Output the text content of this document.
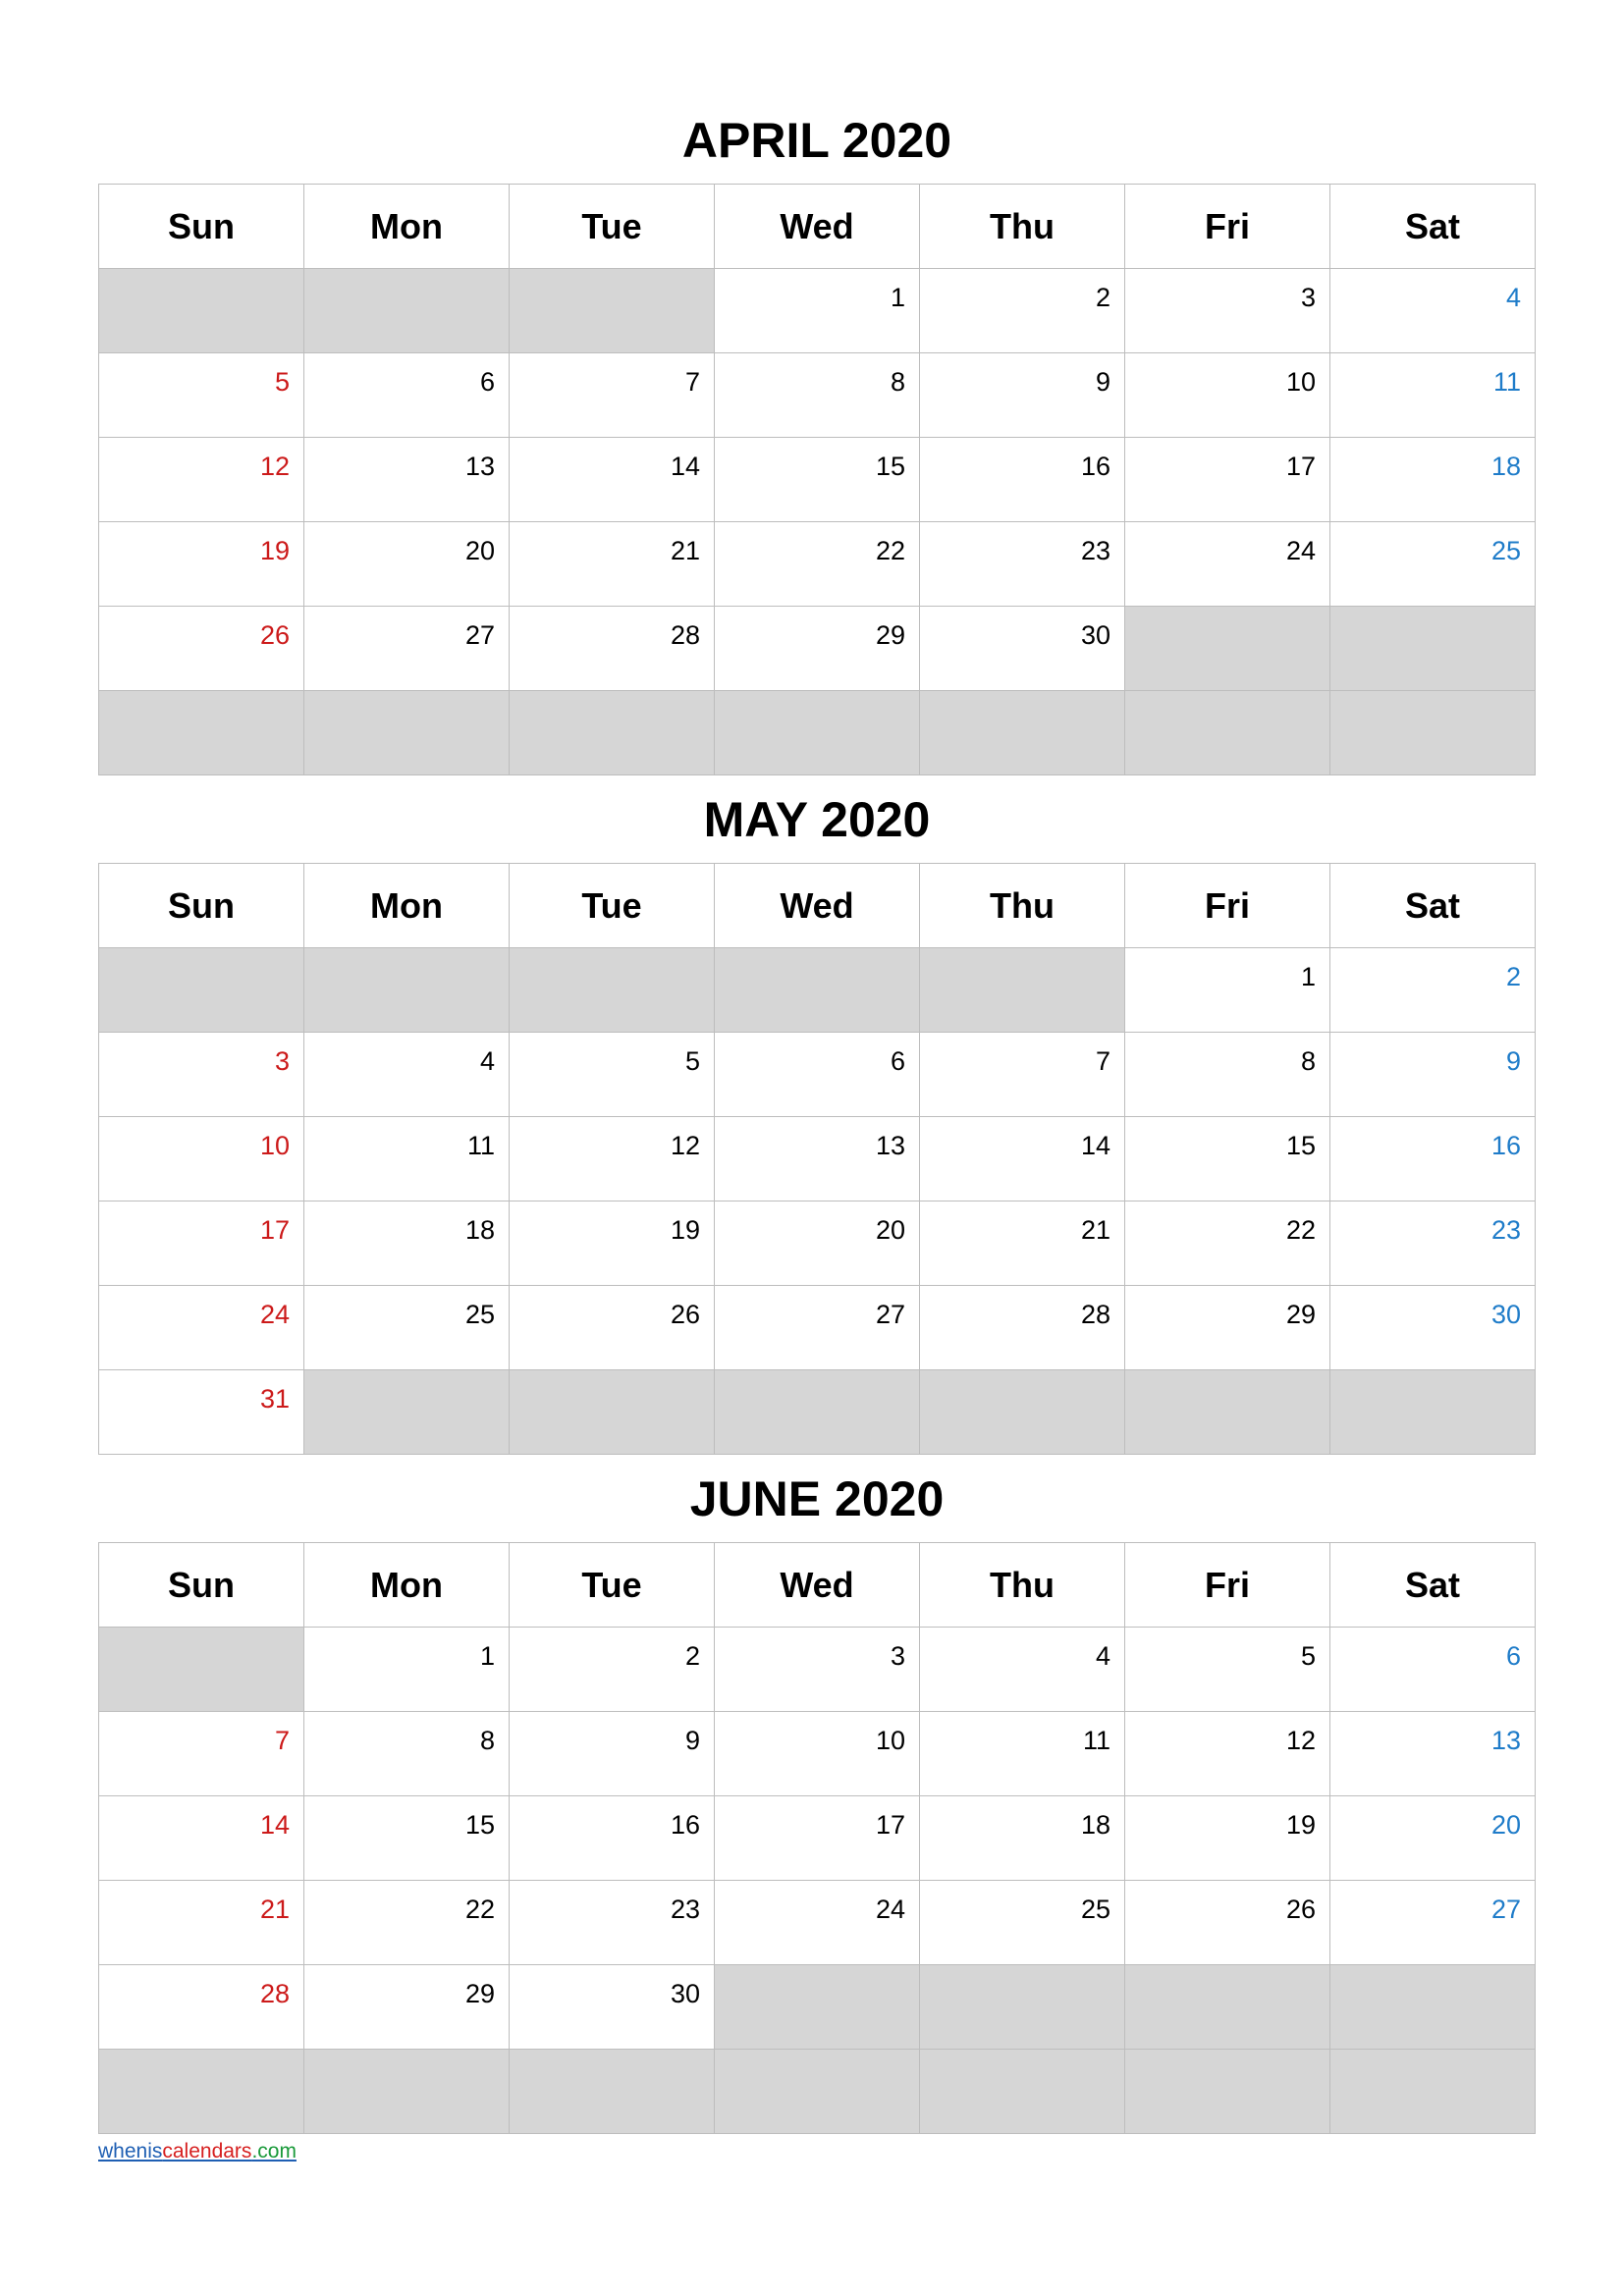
APRIL 2020
Sun	Mon	Tue	Wed	Thu	Fri	Sat
			1	2	3	4
5	6	7	8	9	10	11
12	13	14	15	16	17	18
19	20	21	22	23	24	25
26	27	28	29	30		

MAY 2020
Sun	Mon	Tue	Wed	Thu	Fri	Sat
					1	2
3	4	5	6	7	8	9
10	11	12	13	14	15	16
17	18	19	20	21	22	23
24	25	26	27	28	29	30
31						
JUNE 2020
Sun	Mon	Tue	Wed	Thu	Fri	Sat
	1	2	3	4	5	6
7	8	9	10	11	12	13
14	15	16	17	18	19	20
21	22	23	24	25	26	27
28	29	30				

wheniscalendars.com
